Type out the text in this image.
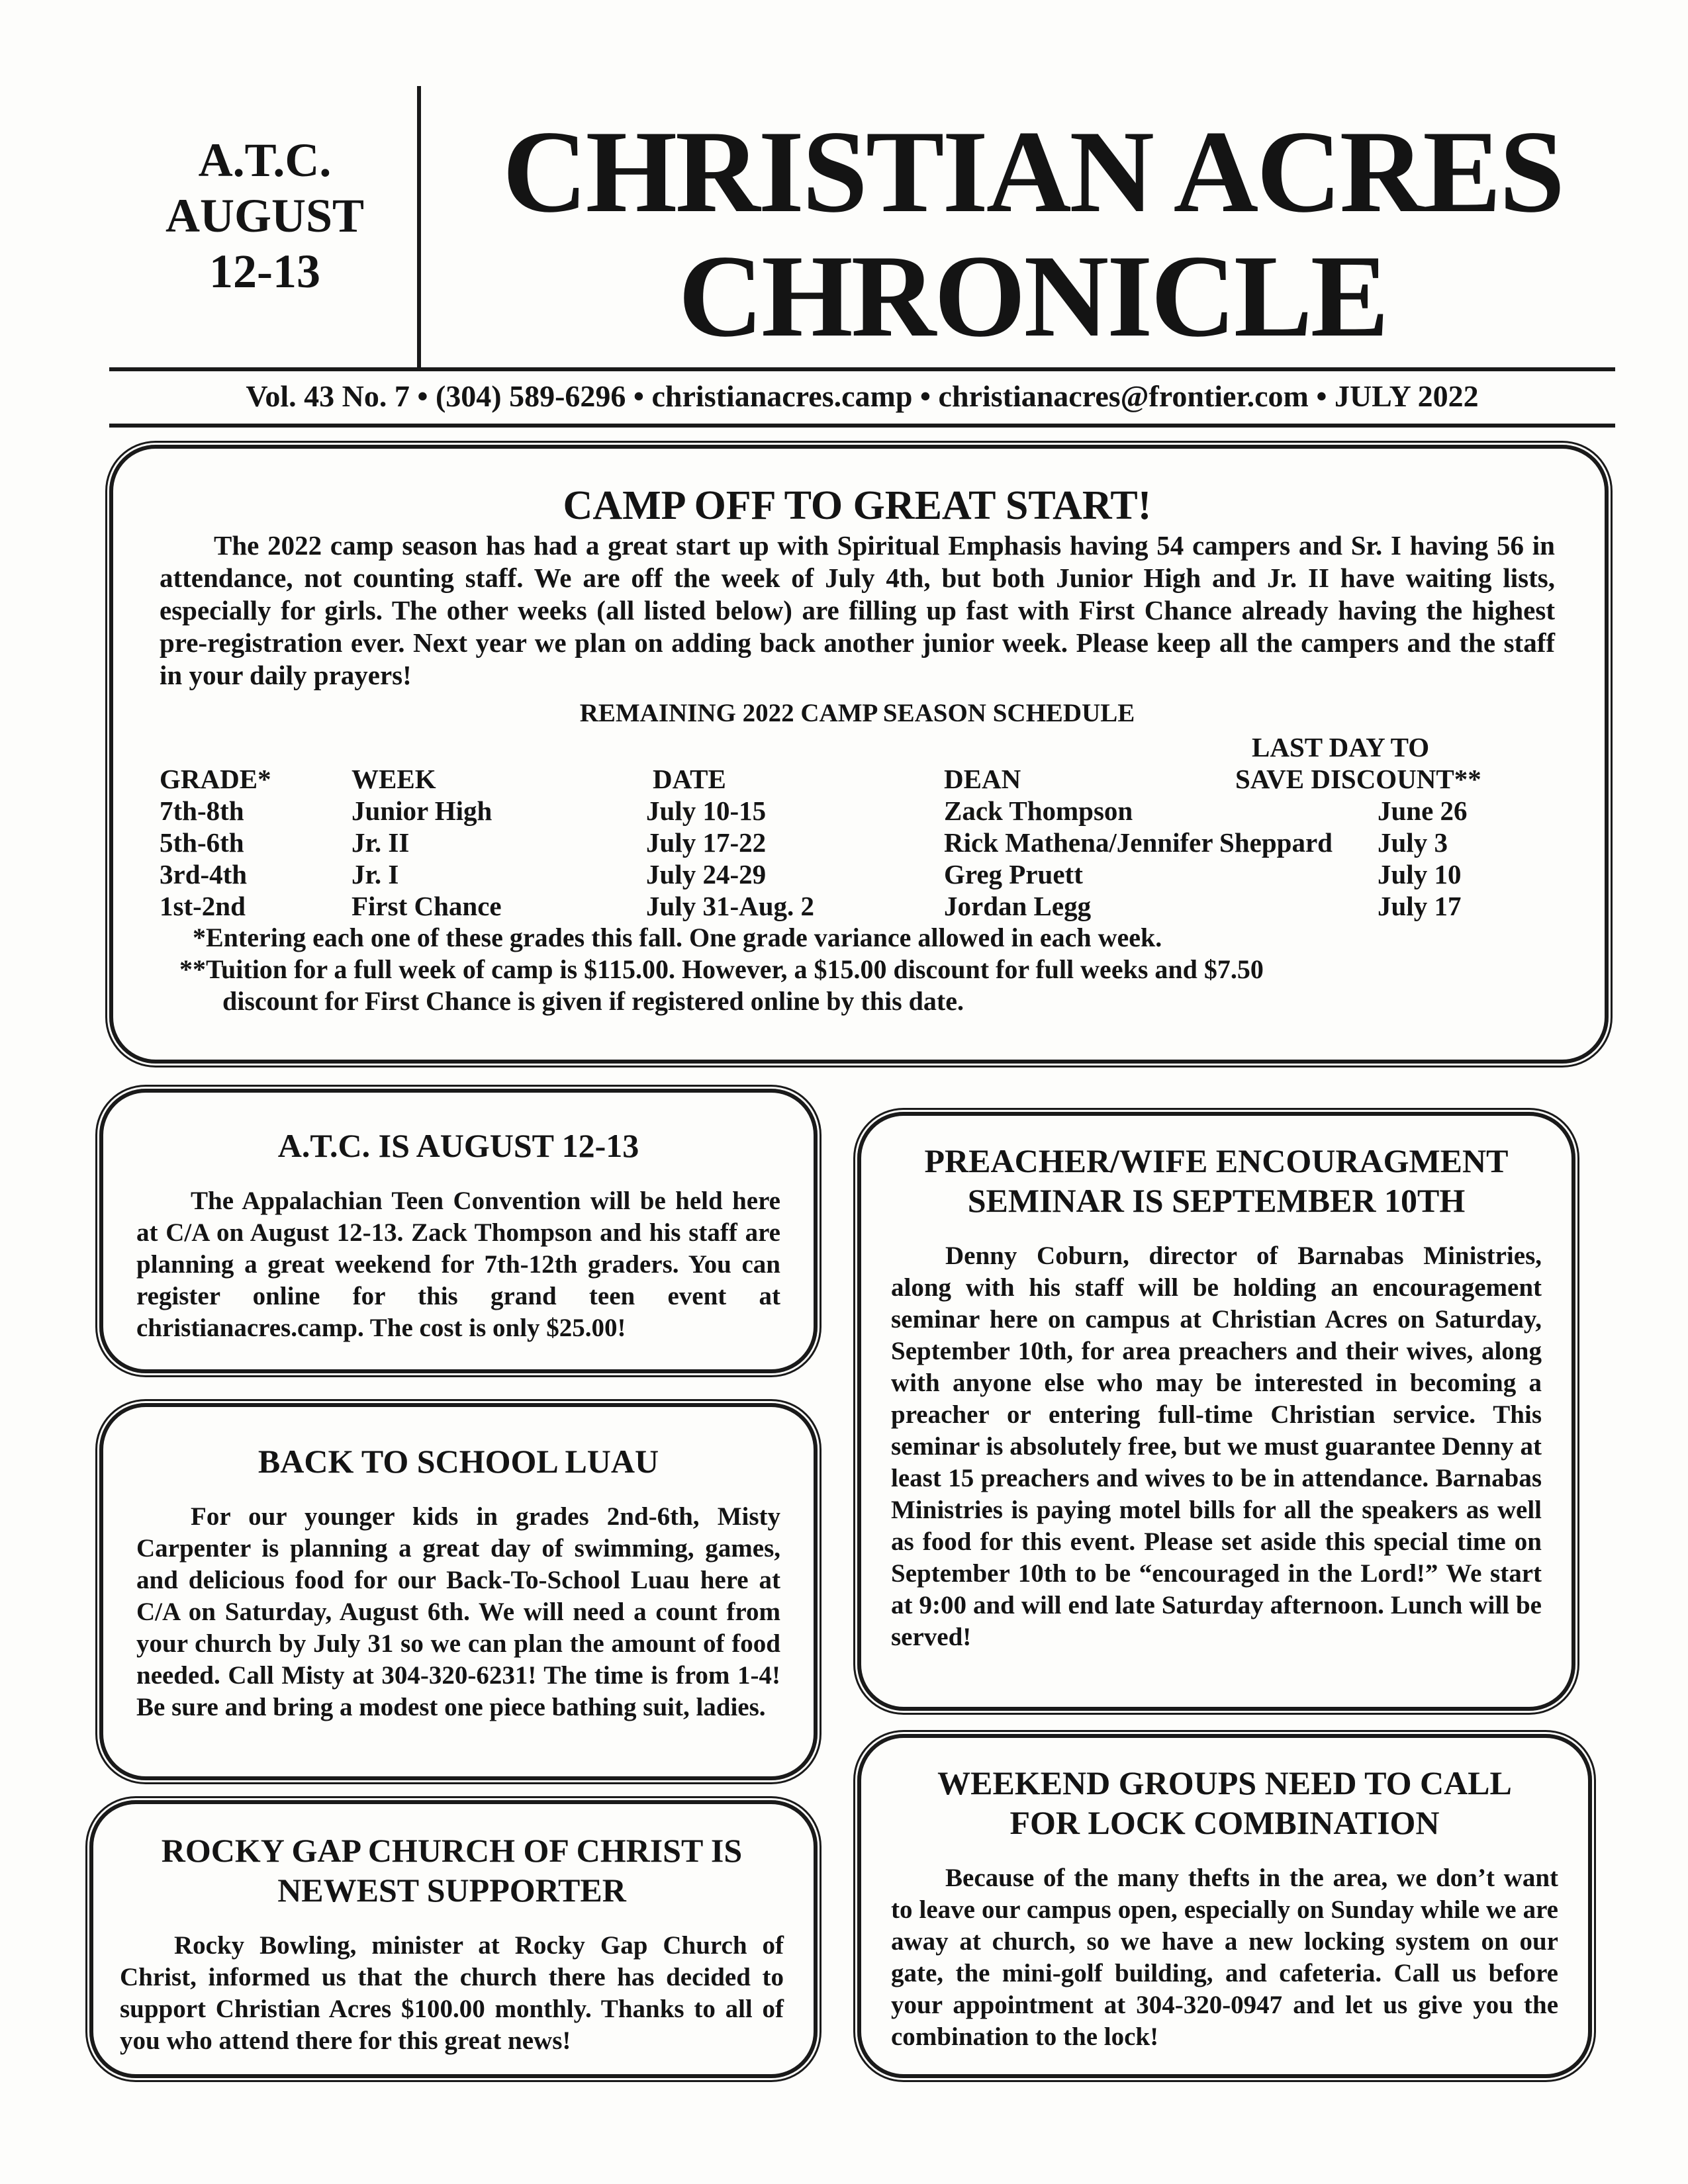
A.T.C.
AUGUST
12-13
CHRISTIAN ACRES
CHRONICLE
Vol. 43 No. 7 • (304) 589-6296 • christianacres.camp • christianacres@frontier.com • JULY 2022
CAMP OFF TO GREAT START!

The 2022 camp season has had a great start up with Spiritual Emphasis having 54 campers and Sr. I having 56 in attendance, not counting staff. We are off the week of July 4th, but both Junior High and Jr. II have waiting lists, especially for girls. The other weeks (all listed below) are filling up fast with First Chance already having the highest pre-registration ever. Next year we plan on adding back another junior week. Please keep all the campers and the staff in your daily prayers!

REMAINING 2022 CAMP SEASON SCHEDULE
LAST DAY TO
GRADE*	WEEK	DATE	DEAN	SAVE DISCOUNT**
7th-8th	Junior High	July 10-15	Zack Thompson	June 26
5th-6th	Jr. II	July 17-22	Rick Mathena/Jennifer Sheppard July 3
3rd-4th	Jr. I	July 24-29	Greg Pruett	July 10
1st-2nd	First Chance	July 31-Aug. 2	Jordan Legg	July 17
*Entering each one of these grades this fall. One grade variance allowed in each week.
**Tuition for a full week of camp is $115.00. However, a $15.00 discount for full weeks and $7.50
discount for First Chance is given if registered online by this date.
A.T.C. IS AUGUST 12-13

The Appalachian Teen Convention will be held here at C/A on August 12-13. Zack Thompson and his staff are planning a great weekend for 7th-12th graders. You can register online for this grand teen event at christianacres.camp. The cost is only $25.00!

BACK TO SCHOOL LUAU

For our younger kids in grades 2nd-6th, Misty Carpenter is planning a great day of swimming, games, and delicious food for our Back-To-School Luau here at C/A on Saturday, August 6th. We will need a count from your church by July 31 so we can plan the amount of food needed. Call Misty at 304-320-6231! The time is from 1-4! Be sure and bring a modest one piece bathing suit, ladies.

ROCKY GAP CHURCH OF CHRIST IS
NEWEST SUPPORTER

Rocky Bowling, minister at Rocky Gap Church of Christ, informed us that the church there has decided to support Christian Acres $100.00 monthly. Thanks to all of you who attend there for this great news!

PREACHER/WIFE ENCOURAGMENT
SEMINAR IS SEPTEMBER 10TH

Denny Coburn, director of Barnabas Ministries, along with his staff will be holding an encouragement seminar here on campus at Christian Acres on Saturday, September 10th, for area preachers and their wives, along with anyone else who may be interested in becoming a preacher or entering full-time Christian service. This seminar is absolutely free, but we must guarantee Denny at least 15 preachers and wives to be in attendance. Barnabas Ministries is paying motel bills for all the speakers as well as food for this event. Please set aside this special time on September 10th to be “encouraged in the Lord!” We start at 9:00 and will end late Saturday afternoon. Lunch will be served!

WEEKEND GROUPS NEED TO CALL
FOR LOCK COMBINATION

Because of the many thefts in the area, we don’t want to leave our campus open, especially on Sunday while we are away at church, so we have a new locking system on our gate, the mini-golf building, and cafeteria. Call us before your appointment at 304-320-0947 and let us give you the combination to the lock!
